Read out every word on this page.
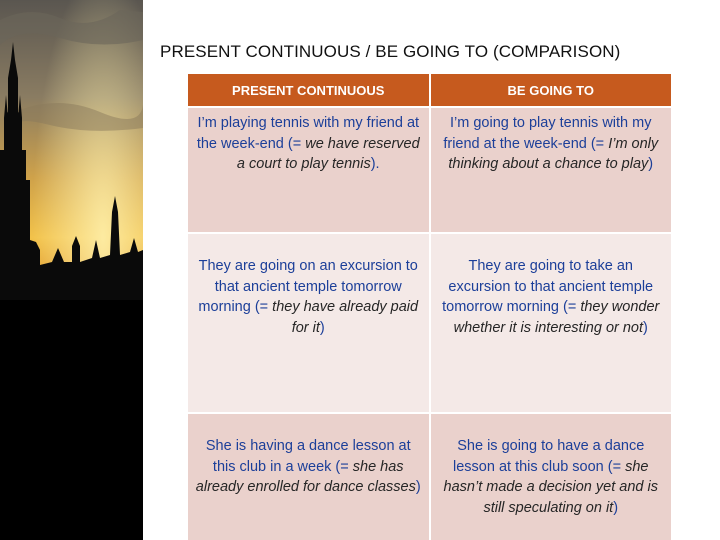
PRESENT CONTINUOUS / BE GOING TO (COMPARISON)
PRESENT CONTINUOUS	BE GOING TO
I’m playing tennis with my friend at the week-end (= we have reserved a court to play tennis).	I’m going to play tennis with my friend at the week-end (= I’m only thinking about a chance to play)
They are going on an excursion to that ancient temple tomorrow morning (= they have already paid for it)	They are going to take an excursion to that ancient temple tomorrow morning (= they wonder whether it is interesting or not)
She is having a dance lesson at this club in a week (= she has already enrolled for dance classes)	She is going to have a dance lesson at this club soon (= she hasn’t made a decision yet and is still speculating on it)
